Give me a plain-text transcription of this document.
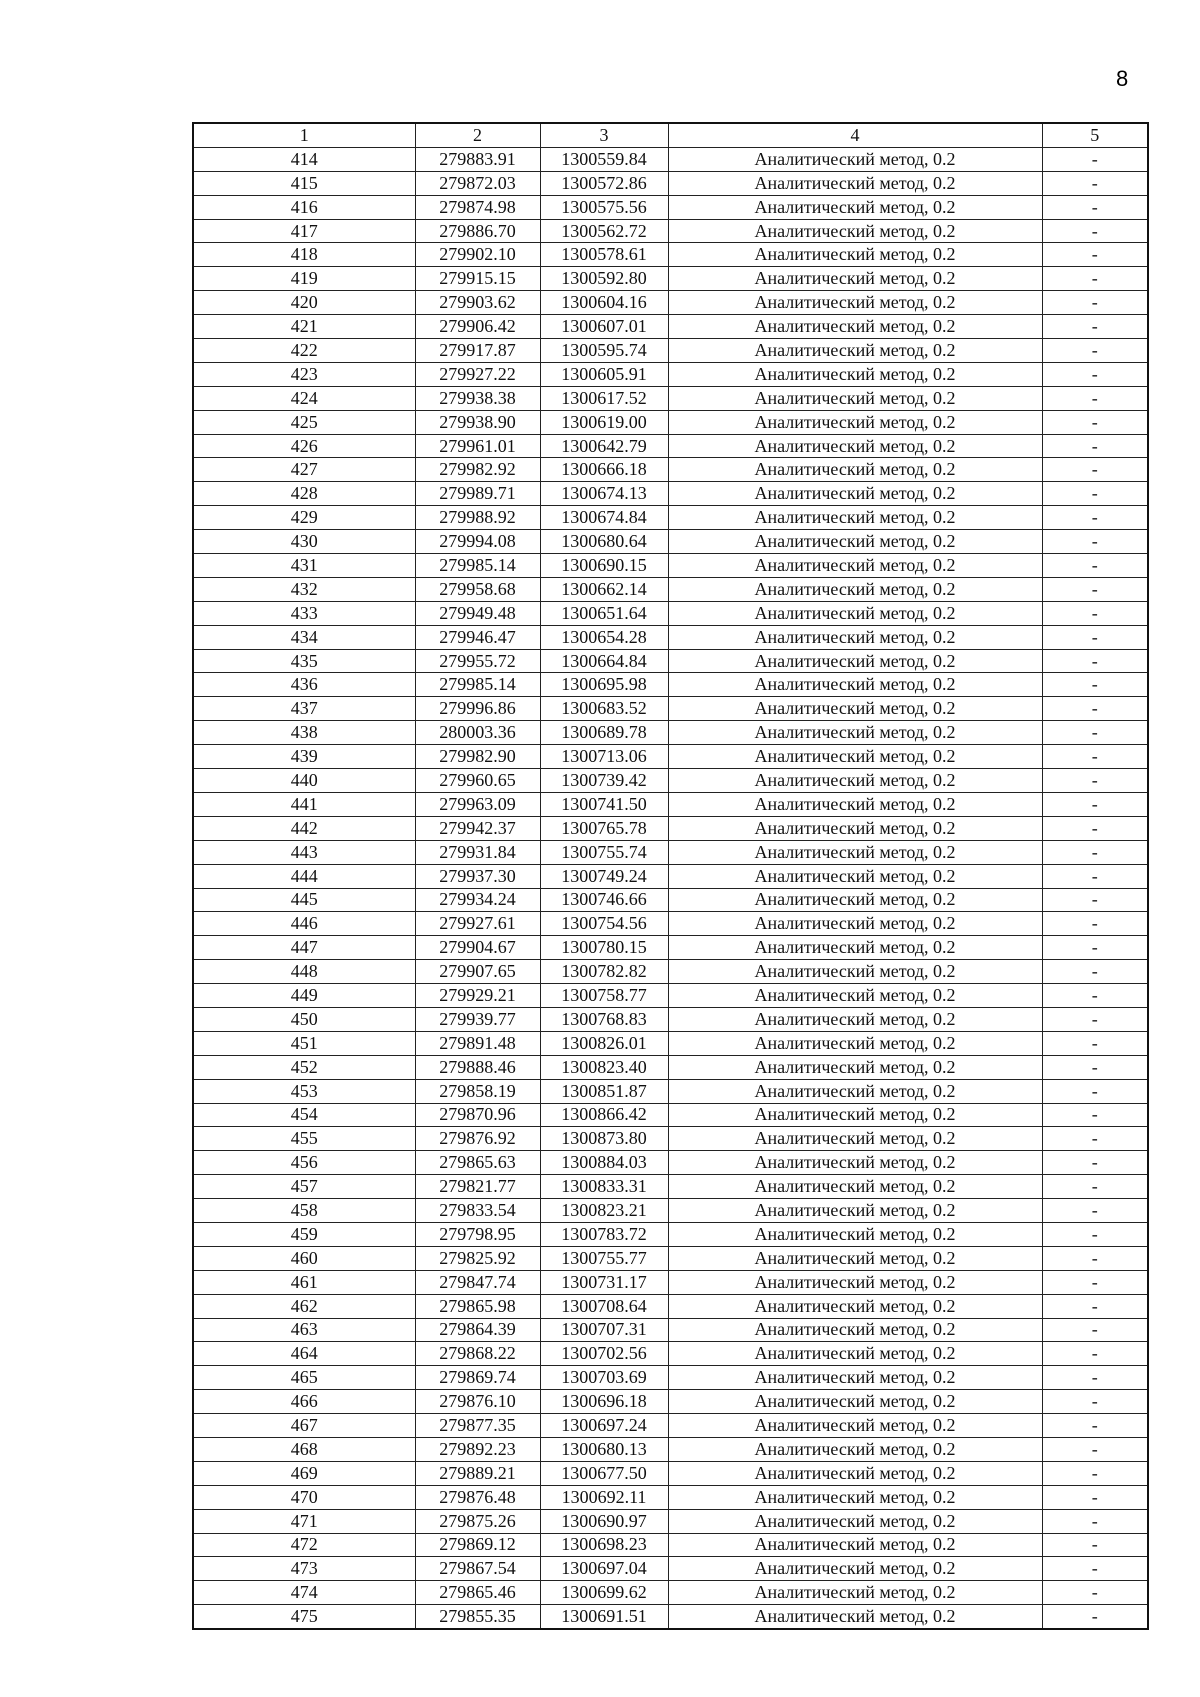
8
1	2	3	4	5
414	279883.91	1300559.84	Аналитический метод, 0.2	-
415	279872.03	1300572.86	Аналитический метод, 0.2	-
416	279874.98	1300575.56	Аналитический метод, 0.2	-
417	279886.70	1300562.72	Аналитический метод, 0.2	-
418	279902.10	1300578.61	Аналитический метод, 0.2	-
419	279915.15	1300592.80	Аналитический метод, 0.2	-
420	279903.62	1300604.16	Аналитический метод, 0.2	-
421	279906.42	1300607.01	Аналитический метод, 0.2	-
422	279917.87	1300595.74	Аналитический метод, 0.2	-
423	279927.22	1300605.91	Аналитический метод, 0.2	-
424	279938.38	1300617.52	Аналитический метод, 0.2	-
425	279938.90	1300619.00	Аналитический метод, 0.2	-
426	279961.01	1300642.79	Аналитический метод, 0.2	-
427	279982.92	1300666.18	Аналитический метод, 0.2	-
428	279989.71	1300674.13	Аналитический метод, 0.2	-
429	279988.92	1300674.84	Аналитический метод, 0.2	-
430	279994.08	1300680.64	Аналитический метод, 0.2	-
431	279985.14	1300690.15	Аналитический метод, 0.2	-
432	279958.68	1300662.14	Аналитический метод, 0.2	-
433	279949.48	1300651.64	Аналитический метод, 0.2	-
434	279946.47	1300654.28	Аналитический метод, 0.2	-
435	279955.72	1300664.84	Аналитический метод, 0.2	-
436	279985.14	1300695.98	Аналитический метод, 0.2	-
437	279996.86	1300683.52	Аналитический метод, 0.2	-
438	280003.36	1300689.78	Аналитический метод, 0.2	-
439	279982.90	1300713.06	Аналитический метод, 0.2	-
440	279960.65	1300739.42	Аналитический метод, 0.2	-
441	279963.09	1300741.50	Аналитический метод, 0.2	-
442	279942.37	1300765.78	Аналитический метод, 0.2	-
443	279931.84	1300755.74	Аналитический метод, 0.2	-
444	279937.30	1300749.24	Аналитический метод, 0.2	-
445	279934.24	1300746.66	Аналитический метод, 0.2	-
446	279927.61	1300754.56	Аналитический метод, 0.2	-
447	279904.67	1300780.15	Аналитический метод, 0.2	-
448	279907.65	1300782.82	Аналитический метод, 0.2	-
449	279929.21	1300758.77	Аналитический метод, 0.2	-
450	279939.77	1300768.83	Аналитический метод, 0.2	-
451	279891.48	1300826.01	Аналитический метод, 0.2	-
452	279888.46	1300823.40	Аналитический метод, 0.2	-
453	279858.19	1300851.87	Аналитический метод, 0.2	-
454	279870.96	1300866.42	Аналитический метод, 0.2	-
455	279876.92	1300873.80	Аналитический метод, 0.2	-
456	279865.63	1300884.03	Аналитический метод, 0.2	-
457	279821.77	1300833.31	Аналитический метод, 0.2	-
458	279833.54	1300823.21	Аналитический метод, 0.2	-
459	279798.95	1300783.72	Аналитический метод, 0.2	-
460	279825.92	1300755.77	Аналитический метод, 0.2	-
461	279847.74	1300731.17	Аналитический метод, 0.2	-
462	279865.98	1300708.64	Аналитический метод, 0.2	-
463	279864.39	1300707.31	Аналитический метод, 0.2	-
464	279868.22	1300702.56	Аналитический метод, 0.2	-
465	279869.74	1300703.69	Аналитический метод, 0.2	-
466	279876.10	1300696.18	Аналитический метод, 0.2	-
467	279877.35	1300697.24	Аналитический метод, 0.2	-
468	279892.23	1300680.13	Аналитический метод, 0.2	-
469	279889.21	1300677.50	Аналитический метод, 0.2	-
470	279876.48	1300692.11	Аналитический метод, 0.2	-
471	279875.26	1300690.97	Аналитический метод, 0.2	-
472	279869.12	1300698.23	Аналитический метод, 0.2	-
473	279867.54	1300697.04	Аналитический метод, 0.2	-
474	279865.46	1300699.62	Аналитический метод, 0.2	-
475	279855.35	1300691.51	Аналитический метод, 0.2	-
